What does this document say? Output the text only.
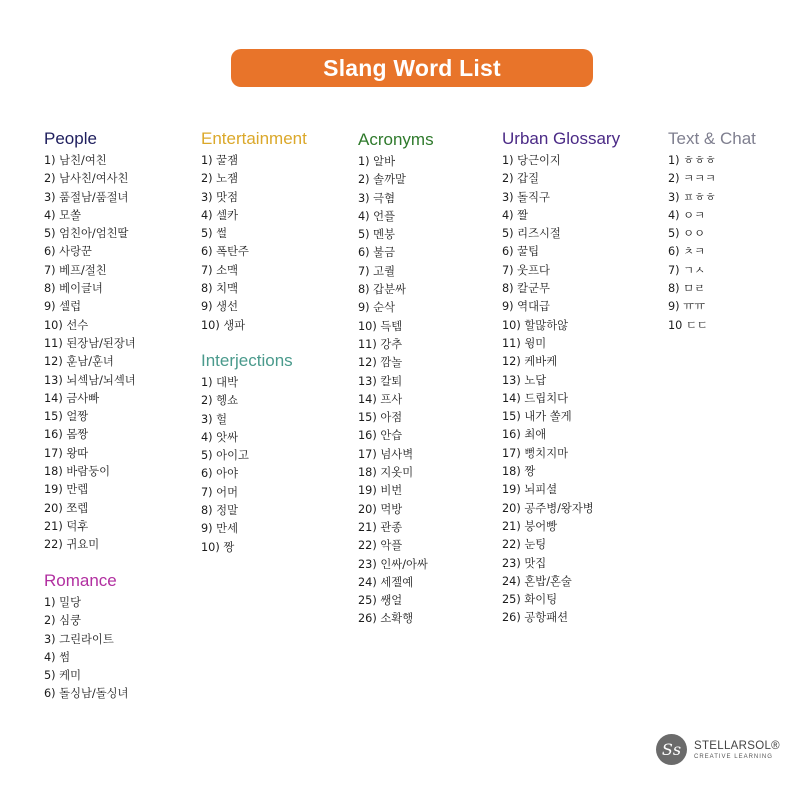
Slang Word List
People
1) 남친/여친
2) 남사친/여사친
3) 품절남/품절녀
4) 모쏠
5) 엄친아/엄친딸
6) 사랑꾼
7) 베프/절친
8) 베이글녀
9) 셀럽
10) 선수
11) 된장남/된장녀
12) 훈남/훈녀
13) 뇌섹남/뇌섹녀
14) 금사빠
15) 얼짱
16) 몸짱
17) 왕따
18) 바람둥이
19) 만렙
20) 쪼렙
21) 덕후
22) 귀요미
Romance
1) 밀당
2) 심쿵
3) 그린라이트
4) 썸
5) 케미
6) 돌싱남/돌싱녀
Entertainment
1) 꿀잼
2) 노잼
3) 맛점
4) 셀카
5) 썰
6) 폭탄주
7) 소맥
8) 치맥
9) 생선
10) 생파
Interjections
1) 대박
2) 헹쇼
3) 헐
4) 앗싸
5) 아이고
6) 아야
7) 어머
8) 정말
9) 만세
10) 짱
Acronyms
1) 알바
2) 솔까말
3) 극혐
4) 언플
5) 멘붕
6) 불금
7) 고퀄
8) 갑분싸
9) 순삭
10) 득템
11) 강추
12) 깜놀
13) 칼퇴
14) 프사
15) 아점
16) 안습
17) 넘사벽
18) 지옷미
19) 비번
20) 먹방
21) 관종
22) 악플
23) 인싸/아싸
24) 세젤예
25) 쌩얼
26) 소확행
Urban Glossary
1) 당근이지
2) 갑질
3) 돌직구
4) 짤
5) 리즈시절
6) 꿀팁
7) 웃프다
8) 칼군무
9) 역대급
10) 할많하않
11) 윙미
12) 케바케
13) 노답
14) 드립치다
15) 내가 쏠게
16) 최애
17) 뻥치지마
18) 짱
19) 뇌피셜
20) 공주병/왕자병
21) 붕어빵
22) 눈팅
23) 맛집
24) 혼밥/혼술
25) 화이팅
26) 공항패션
Text & Chat
1) ㅎㅎㅎ
2) ㅋㅋㅋ
3) ㅍㅎㅎ
4) ㅇㅋ
5) ㅇㅇ
6) ㅊㅋ
7) ㄱㅅ
8) ㅁㄹ
9) ㅠㅠ
10 ㄷㄷ
Ss STELLARSOL®
CREATIVE LEARNING
